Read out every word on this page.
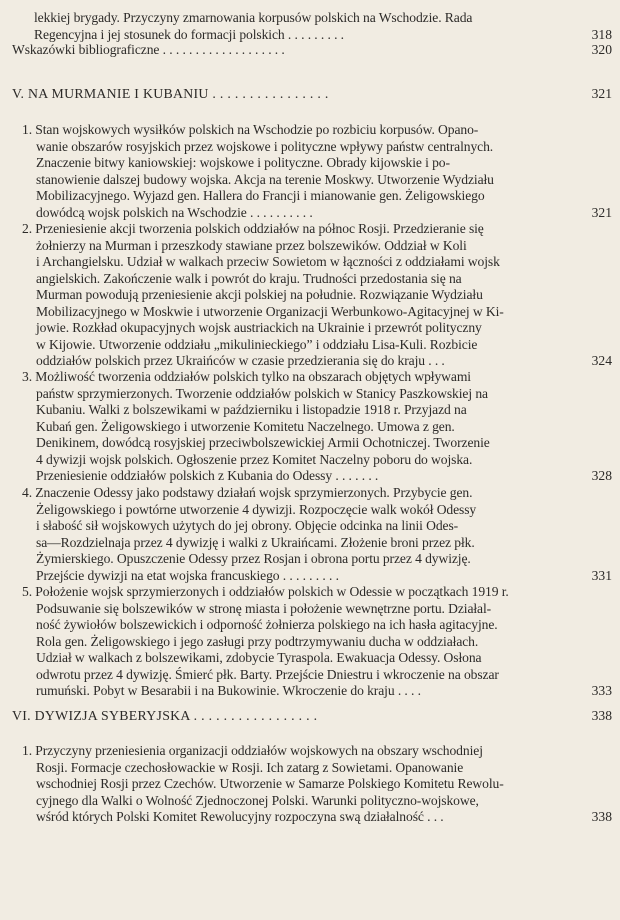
lekkiej brygady. Przyczyny zmarnowania korpusów polskich na Wschodzie. Rada
Regencyjna i jej stosunek do formacji polskich . . . . . . . . .	318
Wskazówki bibliograficzne . . . . . . . . . . . . . . . . . . .	320
V. NA MURMANIE I KUBANIU . . . . . . . . . . . . . . . .	321
1. Stan wojskowych wysiłków polskich na Wschodzie po rozbiciu korpusów. Opano-
wanie obszarów rosyjskich przez wojskowe i polityczne wpływy państw centralnych.
Znaczenie bitwy kaniowskiej: wojskowe i polityczne. Obrady kijowskie i po-
stanowienie dalszej budowy wojska. Akcja na terenie Moskwy. Utworzenie Wydziału
Mobilizacyjnego. Wyjazd gen. Hallera do Francji i mianowanie gen. Żeligowskiego
dowódcą wojsk polskich na Wschodzie . . . . . . . . . .	321
2. Przeniesienie akcji tworzenia polskich oddziałów na północ Rosji. Przedzieranie się
żołnierzy na Murman i przeszkody stawiane przez bolszewików. Oddział w Koli
i Archangielsku. Udział w walkach przeciw Sowietom w łączności z oddziałami wojsk
angielskich. Zakończenie walk i powrót do kraju. Trudności przedostania się na
Murman powodują przeniesienie akcji polskiej na południe. Rozwiązanie Wydziału
Mobilizacyjnego w Moskwie i utworzenie Organizacji Werbunkowo-Agitacyjnej w Ki-
jowie. Rozkład okupacyjnych wojsk austriackich na Ukrainie i przewrót polityczny
w Kijowie. Utworzenie oddziału „mikulinieckiego” i oddziału Lisa-Kuli. Rozbicie
oddziałów polskich przez Ukraińców w czasie przedzierania się do kraju . . .	324
3. Możliwość tworzenia oddziałów polskich tylko na obszarach objętych wpływami
państw sprzymierzonych. Tworzenie oddziałów polskich w Stanicy Paszkowskiej na
Kubaniu. Walki z bolszewikami w październiku i listopadzie 1918 r. Przyjazd na
Kubań gen. Żeligowskiego i utworzenie Komitetu Naczelnego. Umowa z gen.
Denikinem, dowódcą rosyjskiej przeciwbolszewickiej Armii Ochotniczej. Tworzenie
4 dywizji wojsk polskich. Ogłoszenie przez Komitet Naczelny poboru do wojska.
Przeniesienie oddziałów polskich z Kubania do Odessy . . . . . . .	328
4. Znaczenie Odessy jako podstawy działań wojsk sprzymierzonych. Przybycie gen.
Żeligowskiego i powtórne utworzenie 4 dywizji. Rozpoczęcie walk wokół Odessy
i słabość sił wojskowych użytych do jej obrony. Objęcie odcinka na linii Odes-
sa—Rozdzielnaja przez 4 dywizję i walki z Ukraińcami. Złożenie broni przez płk.
Żymierskiego. Opuszczenie Odessy przez Rosjan i obrona portu przez 4 dywizję.
Przejście dywizji na etat wojska francuskiego . . . . . . . . .	331
5. Położenie wojsk sprzymierzonych i oddziałów polskich w Odessie w początkach 1919 r.
Podsuwanie się bolszewików w stronę miasta i położenie wewnętrzne portu. Działal-
ność żywiołów bolszewickich i odporność żołnierza polskiego na ich hasła agitacyjne.
Rola gen. Żeligowskiego i jego zasługi przy podtrzymywaniu ducha w oddziałach.
Udział w walkach z bolszewikami, zdobycie Tyraspola. Ewakuacja Odessy. Osłona
odwrotu przez 4 dywizję. Śmierć płk. Barty. Przejście Dniestru i wkroczenie na obszar
rumuński. Pobyt w Besarabii i na Bukowinie. Wkroczenie do kraju . . . .	333
VI. DYWIZJA SYBERYJSKA . . . . . . . . . . . . . . . . .	338
1. Przyczyny przeniesienia organizacji oddziałów wojskowych na obszary wschodniej
Rosji. Formacje czechosłowackie w Rosji. Ich zatarg z Sowietami. Opanowanie
wschodniej Rosji przez Czechów. Utworzenie w Samarze Polskiego Komitetu Rewolu-
cyjnego dla Walki o Wolność Zjednoczonej Polski. Warunki polityczno-wojskowe,
wśród których Polski Komitet Rewolucyjny rozpoczyna swą działalność . . .	338
